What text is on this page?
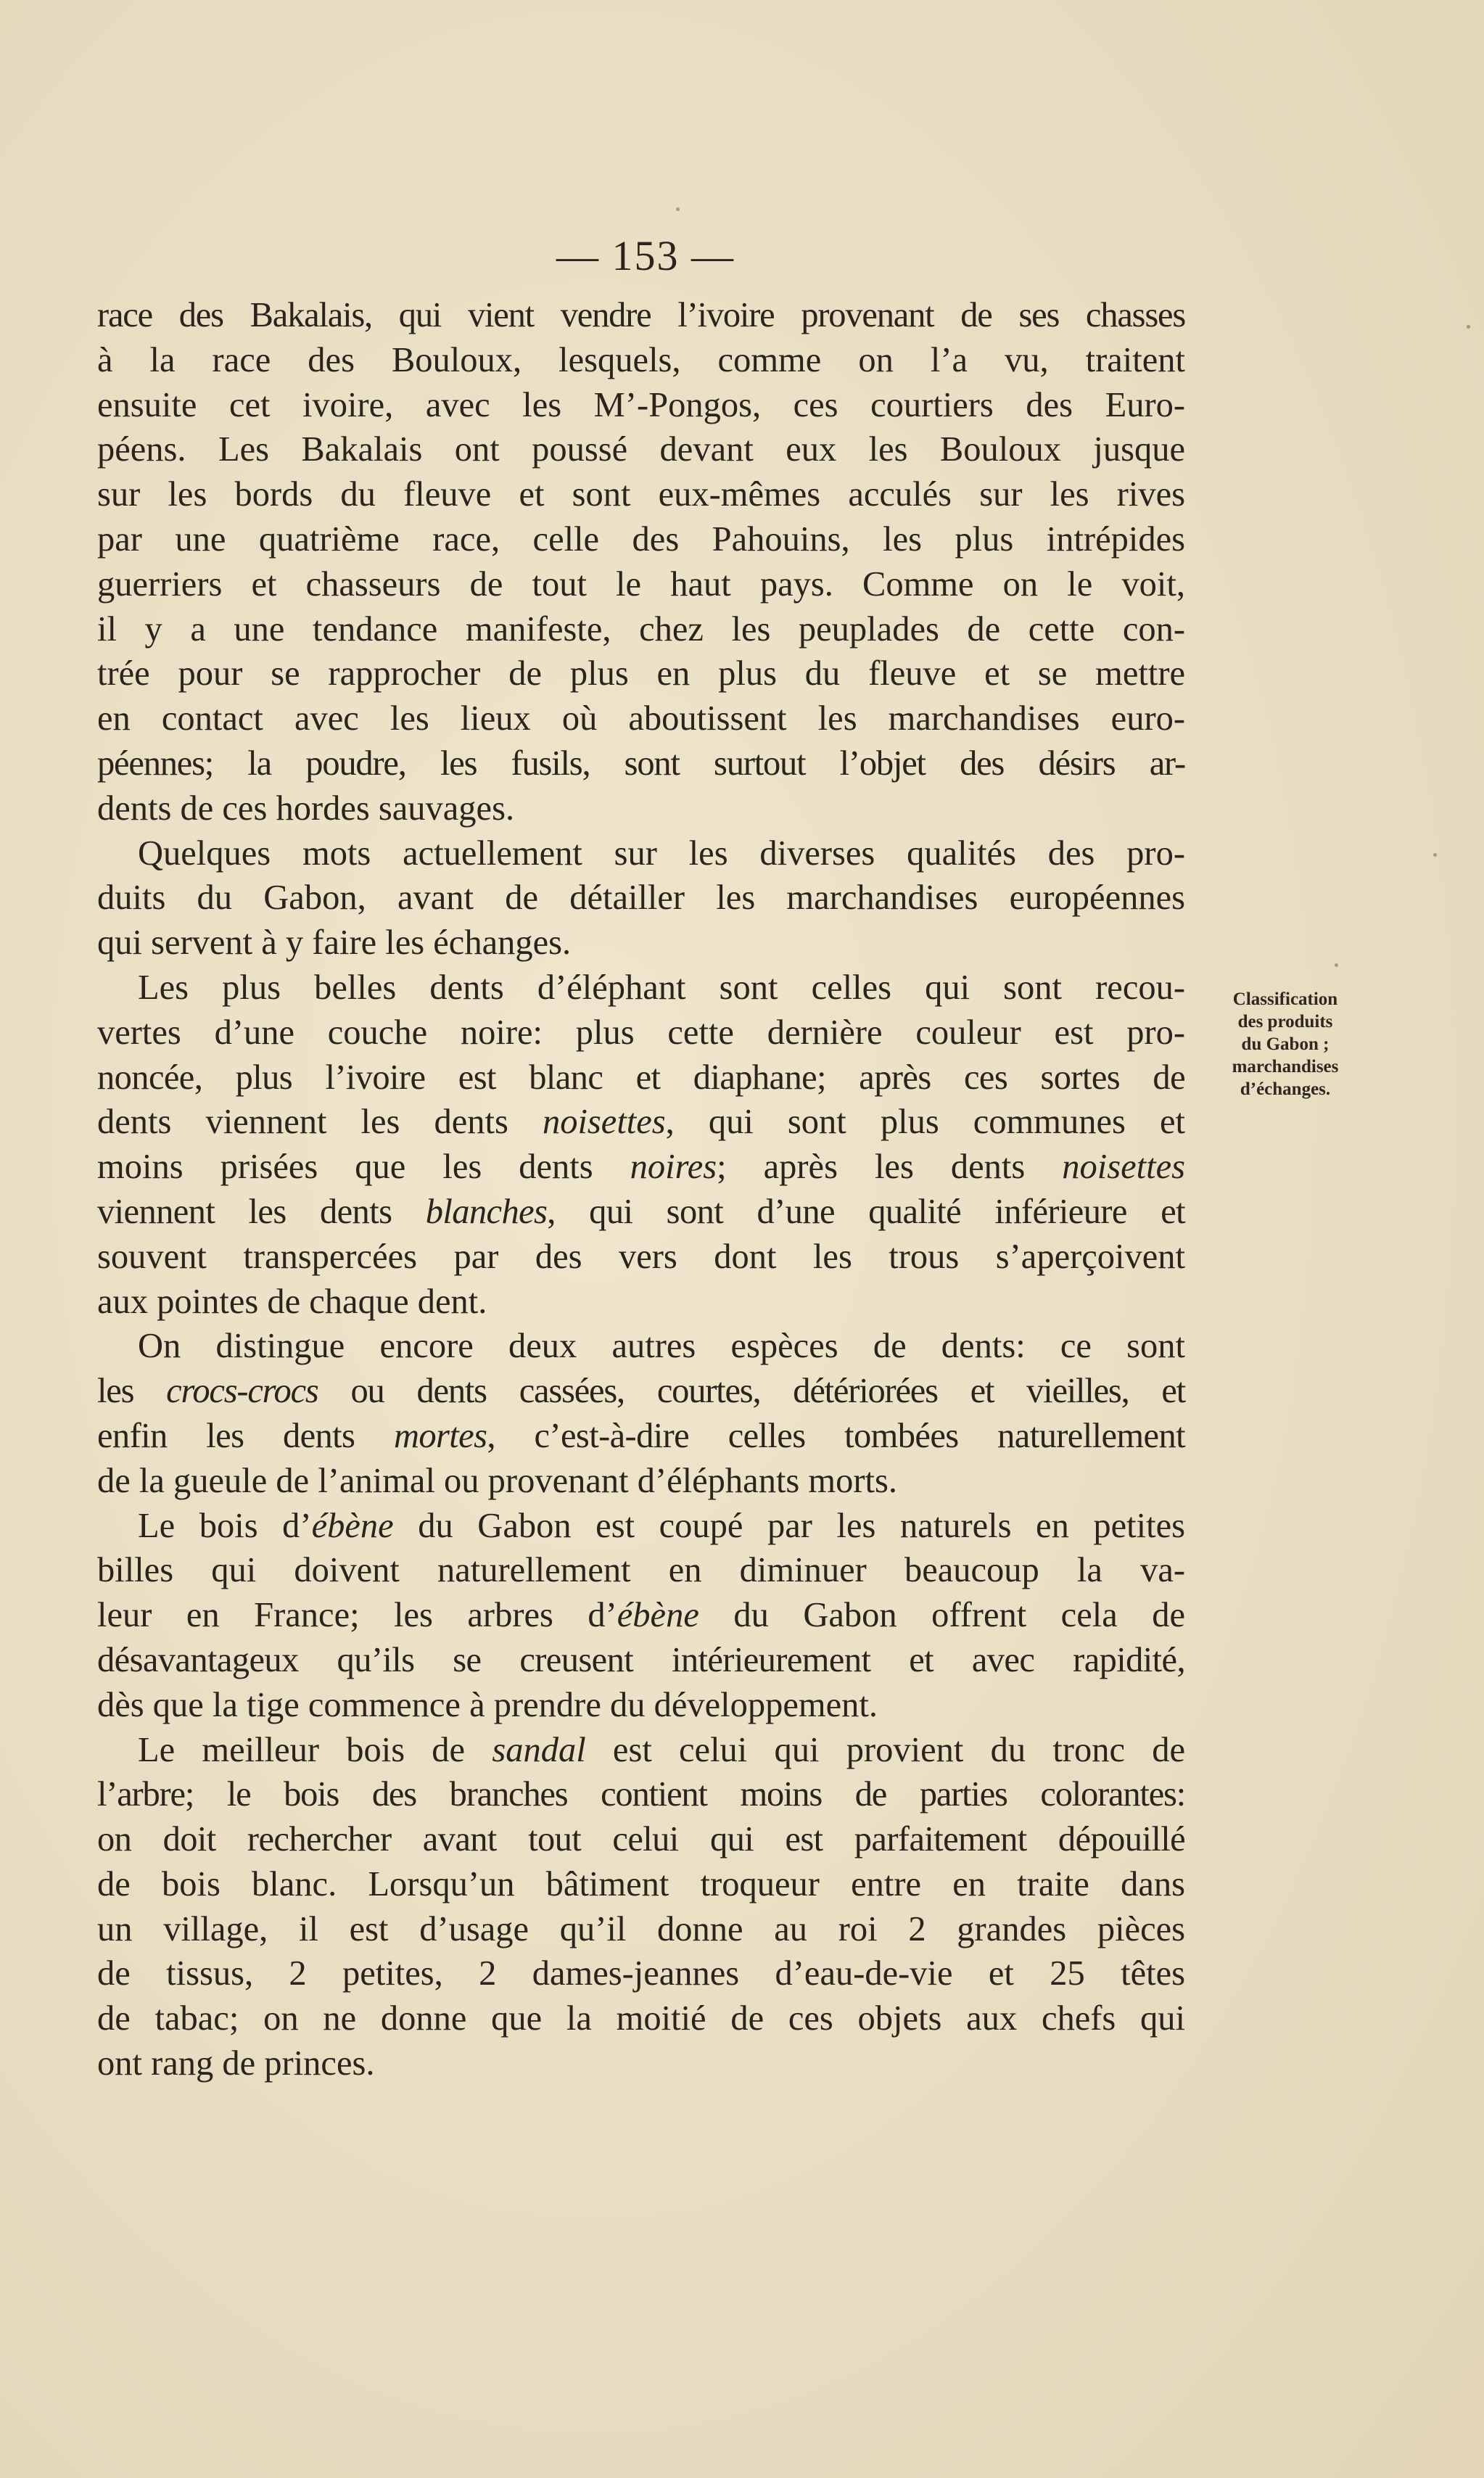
— 153 —
race des Bakalais, qui vient vendre l’ivoire provenant de ses chasses
à la race des Bouloux, lesquels, comme on l’a vu, traitent
ensuite cet ivoire, avec les M’-Pongos, ces courtiers des Euro-
péens. Les Bakalais ont poussé devant eux les Bouloux jusque
sur les bords du fleuve et sont eux-mêmes acculés sur les rives
par une quatrième race, celle des Pahouins, les plus intrépides
guerriers et chasseurs de tout le haut pays. Comme on le voit,
il y a une tendance manifeste, chez les peuplades de cette con-
trée pour se rapprocher de plus en plus du fleuve et se mettre
en contact avec les lieux où aboutissent les marchandises euro-
péennes; la poudre, les fusils, sont surtout l’objet des désirs ar-
dents de ces hordes sauvages.
Quelques mots actuellement sur les diverses qualités des pro-
duits du Gabon, avant de détailler les marchandises européennes
qui servent à y faire les échanges.
Les plus belles dents d’éléphant sont celles qui sont recou-
vertes d’une couche noire: plus cette dernière couleur est pro-
noncée, plus l’ivoire est blanc et diaphane; après ces sortes de
dents viennent les dents noisettes, qui sont plus communes et
moins prisées que les dents noires; après les dents noisettes
viennent les dents blanches, qui sont d’une qualité inférieure et
souvent transpercées par des vers dont les trous s’aperçoivent
aux pointes de chaque dent.
On distingue encore deux autres espèces de dents: ce sont
les crocs-crocs ou dents cassées, courtes, détériorées et vieilles, et
enfin les dents mortes, c’est-à-dire celles tombées naturellement
de la gueule de l’animal ou provenant d’éléphants morts.
Le bois d’ébène du Gabon est coupé par les naturels en petites
billes qui doivent naturellement en diminuer beaucoup la va-
leur en France; les arbres d’ébène du Gabon offrent cela de
désavantageux qu’ils se creusent intérieurement et avec rapidité,
dès que la tige commence à prendre du développement.
Le meilleur bois de sandal est celui qui provient du tronc de
l’arbre; le bois des branches contient moins de parties colorantes:
on doit rechercher avant tout celui qui est parfaitement dépouillé
de bois blanc. Lorsqu’un bâtiment troqueur entre en traite dans
un village, il est d’usage qu’il donne au roi 2 grandes pièces
de tissus, 2 petites, 2 dames-jeannes d’eau-de-vie et 25 têtes
de tabac; on ne donne que la moitié de ces objets aux chefs qui
ont rang de princes.
Classification
des produits
du Gabon ;
marchandises
d’échanges.
